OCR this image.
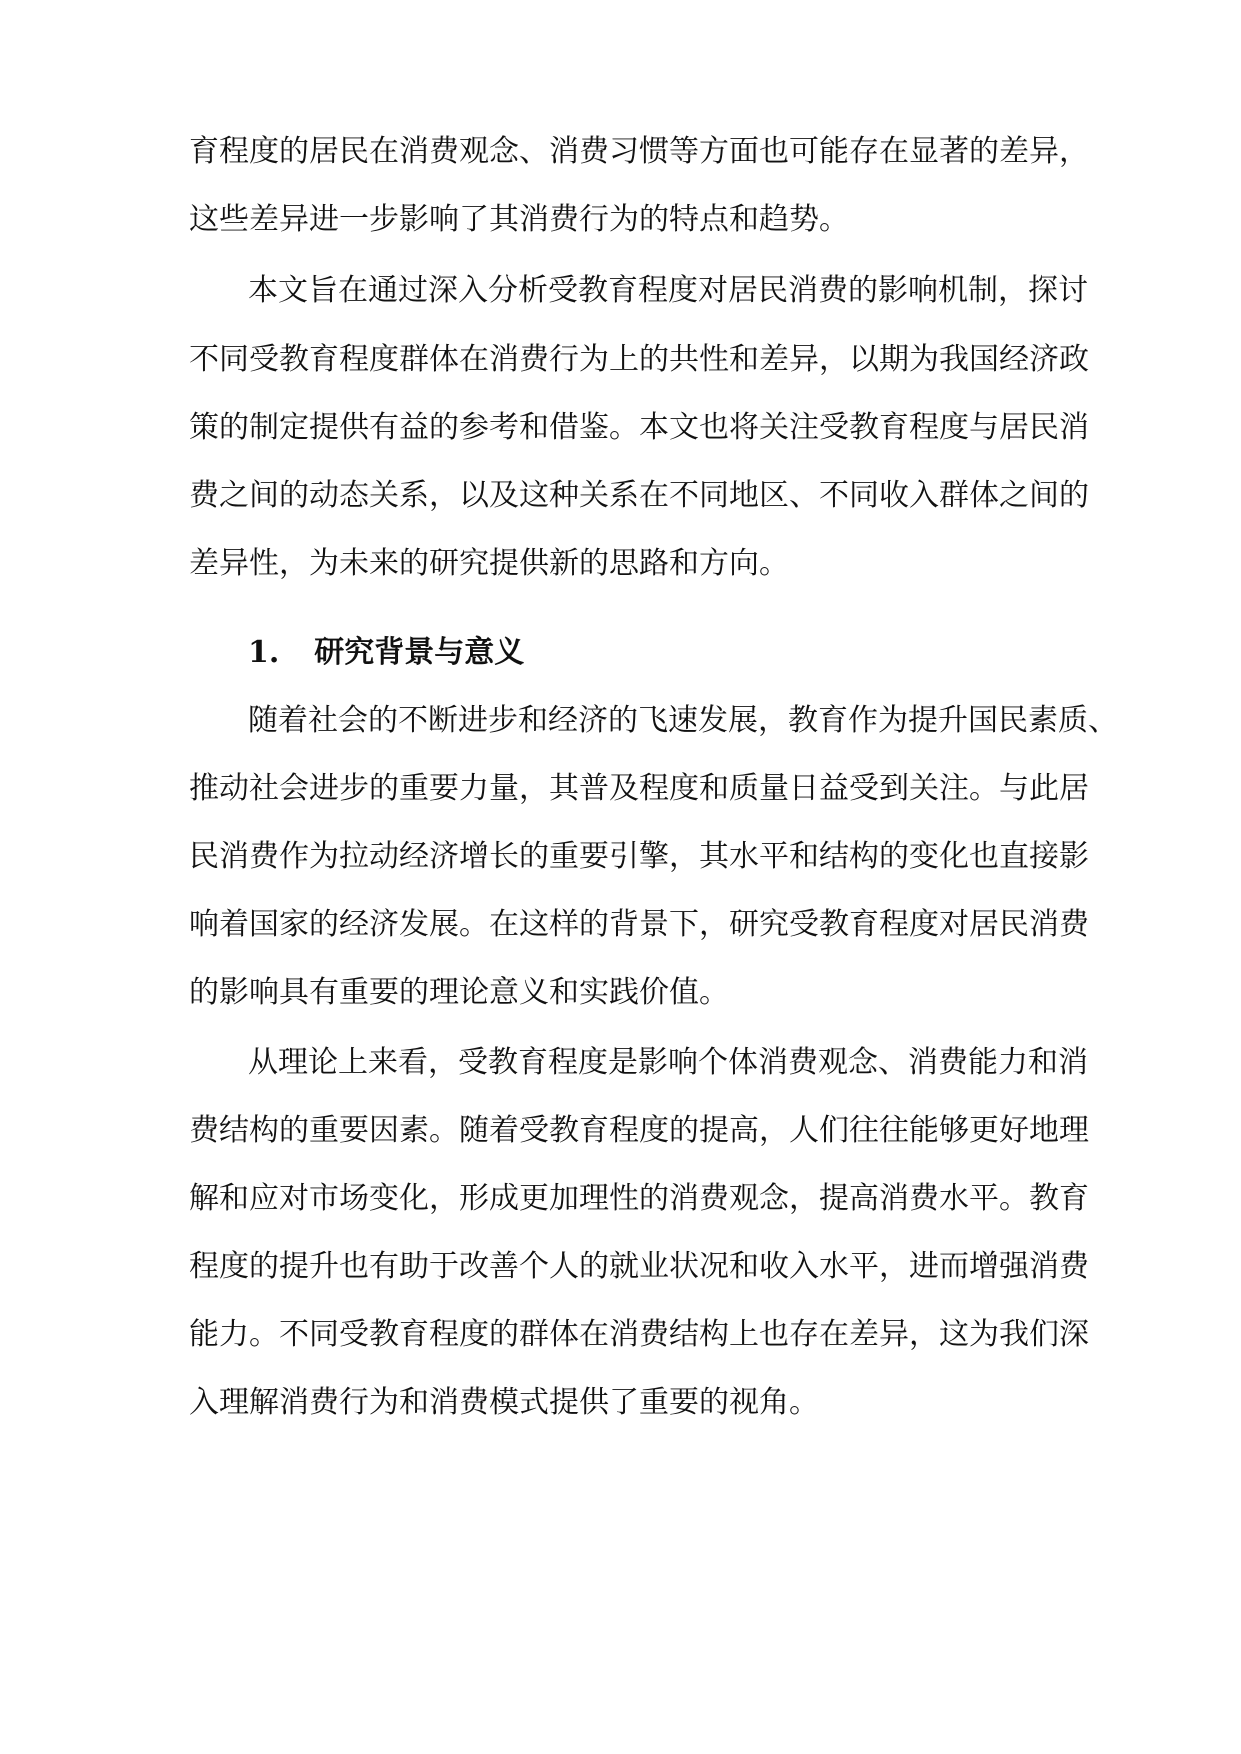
育程度的居民在消费观念、消费习惯等方面也可能存在显著的差异，

这些差异进一步影响了其消费行为的特点和趋势。

本文旨在通过深入分析受教育程度对居民消费的影响机制，探讨

不同受教育程度群体在消费行为上的共性和差异，以期为我国经济政

策的制定提供有益的参考和借鉴。本文也将关注受教育程度与居民消

费之间的动态关系，以及这种关系在不同地区、不同收入群体之间的

差异性，为未来的研究提供新的思路和方向。

1. 研究背景与意义

随着社会的不断进步和经济的飞速发展，教育作为提升国民素质、

推动社会进步的重要力量，其普及程度和质量日益受到关注。与此居

民消费作为拉动经济增长的重要引擎，其水平和结构的变化也直接影

响着国家的经济发展。在这样的背景下，研究受教育程度对居民消费

的影响具有重要的理论意义和实践价值。

从理论上来看，受教育程度是影响个体消费观念、消费能力和消

费结构的重要因素。随着受教育程度的提高，人们往往能够更好地理

解和应对市场变化，形成更加理性的消费观念，提高消费水平。教育

程度的提升也有助于改善个人的就业状况和收入水平，进而增强消费

能力。不同受教育程度的群体在消费结构上也存在差异，这为我们深

入理解消费行为和消费模式提供了重要的视角。
